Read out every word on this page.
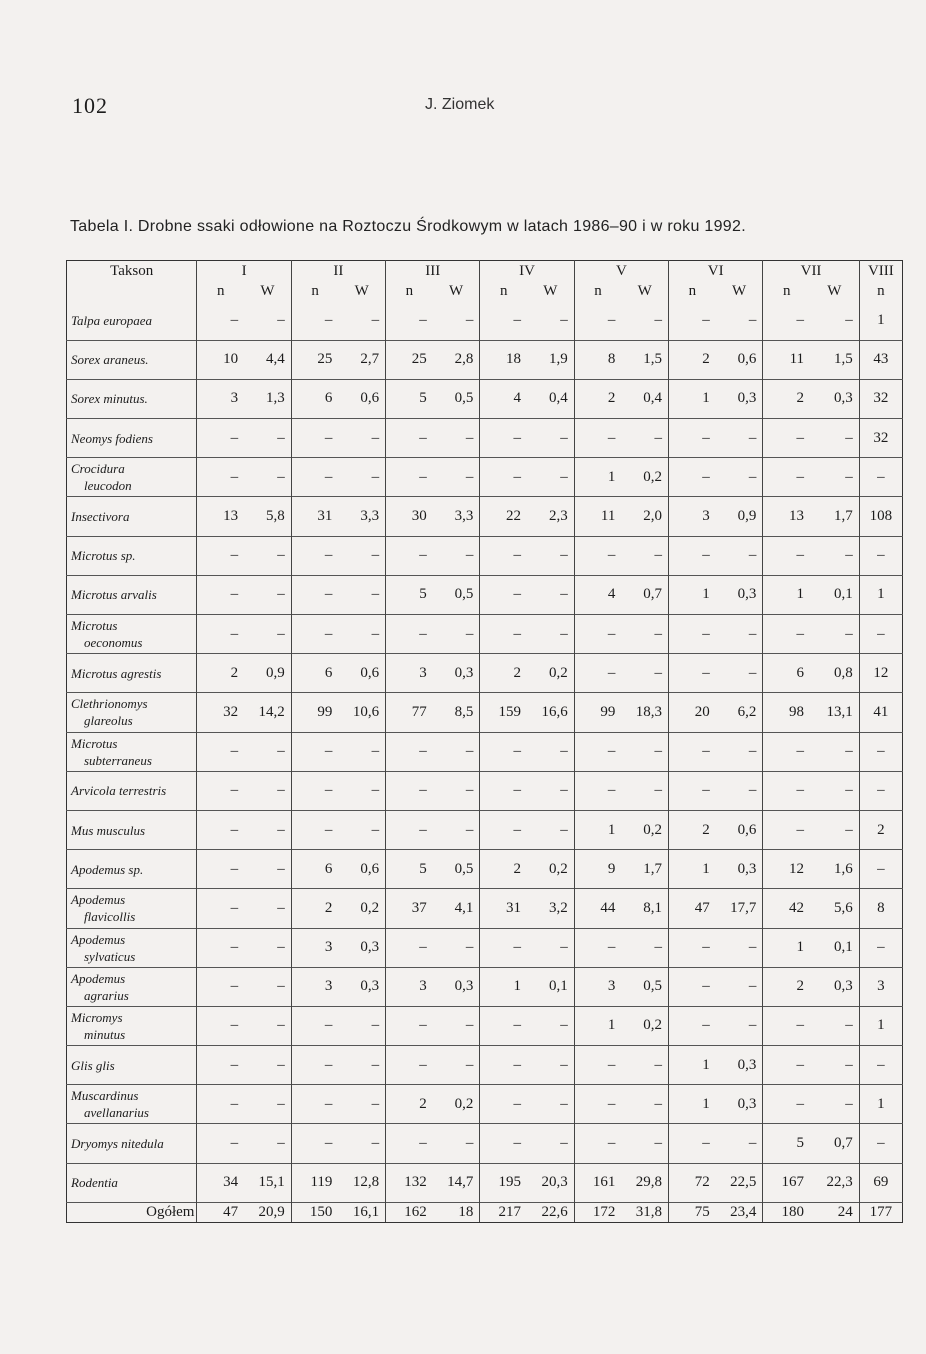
102	J. Ziomek
Tabela I. Drobne ssaki odłowione na Roztoczu Środkowym w latach 1986–90 i w roku 1992.
Takson	I		II		III		IV		V		VI		VII		VIII
	n	W	n	W	n	W	n	W	n	W	n	W	n	W	n
Talpa europaea	–	–	–	–	–	–	–	–	–	–	–	–	–	–	1
Sorex araneus.	10	4,4	25	2,7	25	2,8	18	1,9	8	1,5	2	0,6	11	1,5	43
Sorex minutus.	3	1,3	6	0,6	5	0,5	4	0,4	2	0,4	1	0,3	2	0,3	32
Neomys fodiens	–	–	–	–	–	–	–	–	–	–	–	–	–	–	32

Crocidura
leucodon	–	–	–	–	–	–	–	–	1	0,2	–	–	–	–	–
Insectivora	13	5,8	31	3,3	30	3,3	22	2,3	11	2,0	3	0,9	13	1,7	108
Microtus sp.	–	–	–	–	–	–	–	–	–	–	–	–	–	–	–
Microtus arvalis	–	–	–	–	5	0,5	–	–	4	0,7	1	0,3	1	0,1	1

Microtus
oeconomus	–	–	–	–	–	–	–	–	–	–	–	–	–	–	–
Microtus agrestis	2	0,9	6	0,6	3	0,3	2	0,2	–	–	–	–	6	0,8	12

Clethrionomys
glareolus	32	14,2	99	10,6	77	8,5	159	16,6	99	18,3	20	6,2	98	13,1	41

Microtus
subterraneus	–	–	–	–	–	–	–	–	–	–	–	–	–	–	–
Arvicola terrestris	–	–	–	–	–	–	–	–	–	–	–	–	–	–	–
Mus musculus	–	–	–	–	–	–	–	–	1	0,2	2	0,6	–	–	2
Apodemus sp.	–	–	6	0,6	5	0,5	2	0,2	9	1,7	1	0,3	12	1,6	–

Apodemus
flavicollis	–	–	2	0,2	37	4,1	31	3,2	44	8,1	47	17,7	42	5,6	8

Apodemus
sylvaticus	–	–	3	0,3	–	–	–	–	–	–	–	–	1	0,1	–

Apodemus
agrarius	–	–	3	0,3	3	0,3	1	0,1	3	0,5	–	–	2	0,3	3

Micromys
minutus	–	–	–	–	–	–	–	–	1	0,2	–	–	–	–	1
Glis glis	–	–	–	–	–	–	–	–	–	–	1	0,3	–	–	–

Muscardinus
avellanarius	–	–	–	–	2	0,2	–	–	–	–	1	0,3	–	–	1
Dryomys nitedula	–	–	–	–	–	–	–	–	–	–	–	–	5	0,7	–
Rodentia	34	15,1	119	12,8	132	14,7	195	20,3	161	29,8	72	22,5	167	22,3	69
Ogółem	47	20,9	150	16,1	162	18	217	22,6	172	31,8	75	23,4	180	24	177
